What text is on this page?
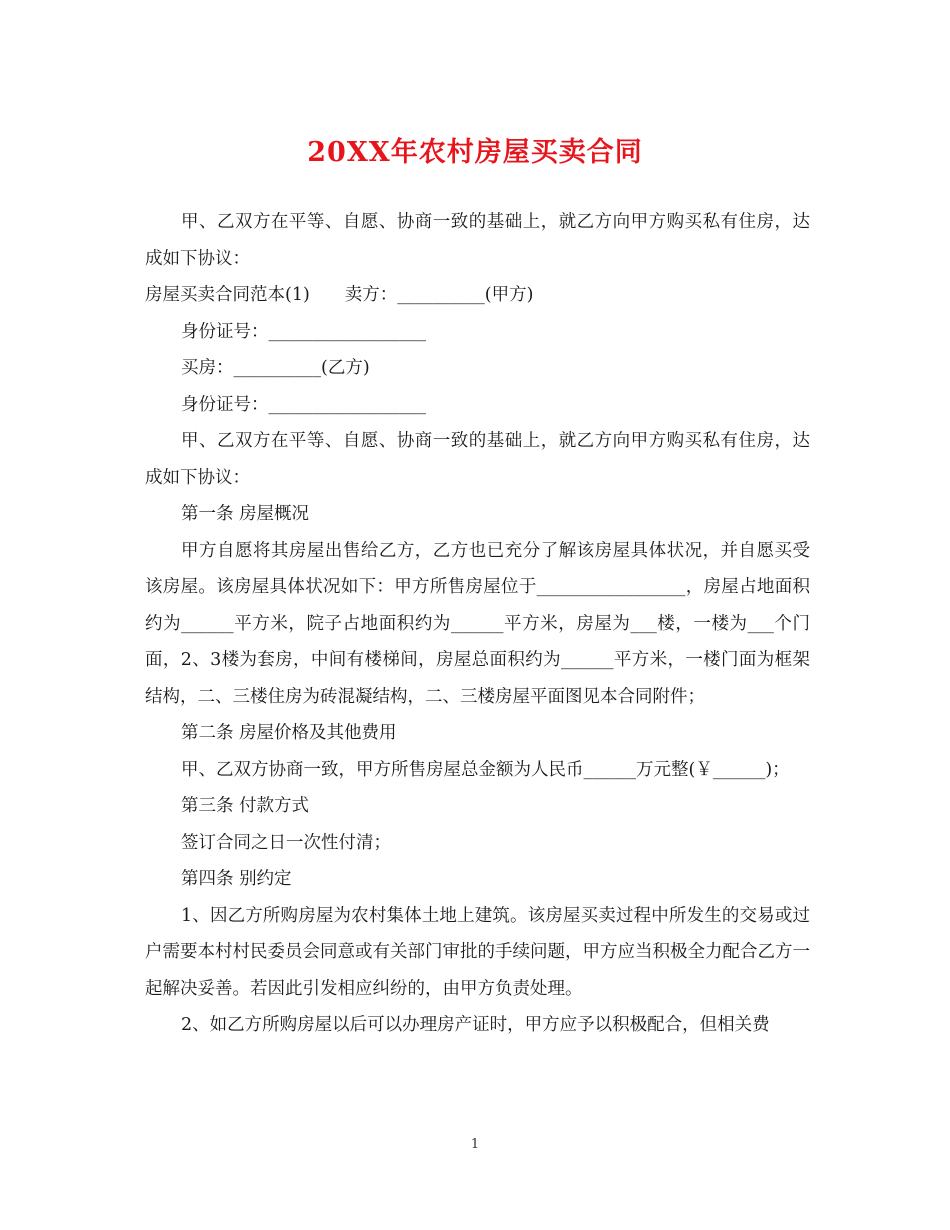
20XX年农村房屋买卖合同

甲、乙双方在平等、自愿、协商一致的基础上，就乙方向甲方购买私有住房，达成如下协议：

房屋买卖合同范本(1)　　卖方：__________(甲方)

身份证号：__________________

买房：__________(乙方)

身份证号：__________________

甲、乙双方在平等、自愿、协商一致的基础上，就乙方向甲方购买私有住房，达成如下协议：

第一条 房屋概况

甲方自愿将其房屋出售给乙方，乙方也已充分了解该房屋具体状况，并自愿买受该房屋。该房屋具体状况如下：甲方所售房屋位于_________________，房屋占地面积约为______平方米，院子占地面积约为______平方米，房屋为___楼，一楼为___个门面，2、3楼为套房，中间有楼梯间，房屋总面积约为______平方米，一楼门面为框架结构，二、三楼住房为砖混凝结构，二、三楼房屋平面图见本合同附件；

第二条 房屋价格及其他费用

甲、乙双方协商一致，甲方所售房屋总金额为人民币______万元整(￥______)；

第三条 付款方式

签订合同之日一次性付清；

第四条 别约定

1、因乙方所购房屋为农村集体土地上建筑。该房屋买卖过程中所发生的交易或过户需要本村村民委员会同意或有关部门审批的手续问题，甲方应当积极全力配合乙方一起解决妥善。若因此引发相应纠纷的，由甲方负责处理。

2、如乙方所购房屋以后可以办理房产证时，甲方应予以积极配合，但相关费

1
